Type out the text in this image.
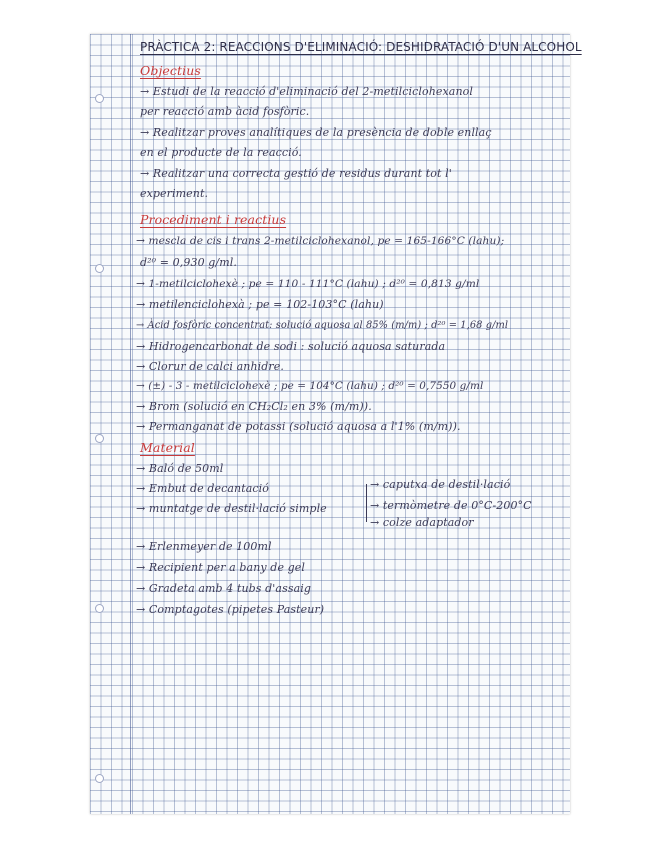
PRÀCTICA 2: REACCIONS D'ELIMINACIÓ: DESHIDRATACIÓ D'UN ALCOHOL
Objectius
→ Estudi de la reacció d'eliminació del 2-metilciclohexanol
per reacció amb àcid fosfòric.
→ Realitzar proves analítiques de la presència de doble enllaç
en el producte de la reacció.
→ Realitzar una correcta gestió de residus durant tot l'
experiment.
Procediment i reactius
→ mescla de cis i trans 2-metilciclohexanol, pe = 165-166°C (lahu);
d²⁰ = 0,930 g/ml.
→ 1-metilciclohexè ; pe = 110 - 111°C (lahu) ; d²⁰ = 0,813 g/ml
→ metilenciclohexà ; pe = 102-103°C (lahu)
→ Àcid fosfòric concentrat: solució aquosa al 85% (m/m) ; d²⁰ = 1,68 g/ml
→ Hidrogencarbonat de sodi : solució aquosa saturada
→ Clorur de calci anhidre.
→ (±) - 3 - metilciclohexè ; pe = 104°C (lahu) ; d²⁰ = 0,7550 g/ml
→ Brom (solució en CH₂Cl₂ en 3% (m/m)).
→ Permanganat de potassi (solució aquosa a l'1% (m/m)).
Material
→ Baló de 50ml
→ Embut de decantació
→ muntatge de destil·lació simple
→ caputxa de destil·lació
→ termòmetre de 0°C-200°C
→ colze adaptador
→ Erlenmeyer de 100ml
→ Recipient per a bany de gel
→ Gradeta amb 4 tubs d'assaig
→ Comptagotes (pipetes Pasteur)
